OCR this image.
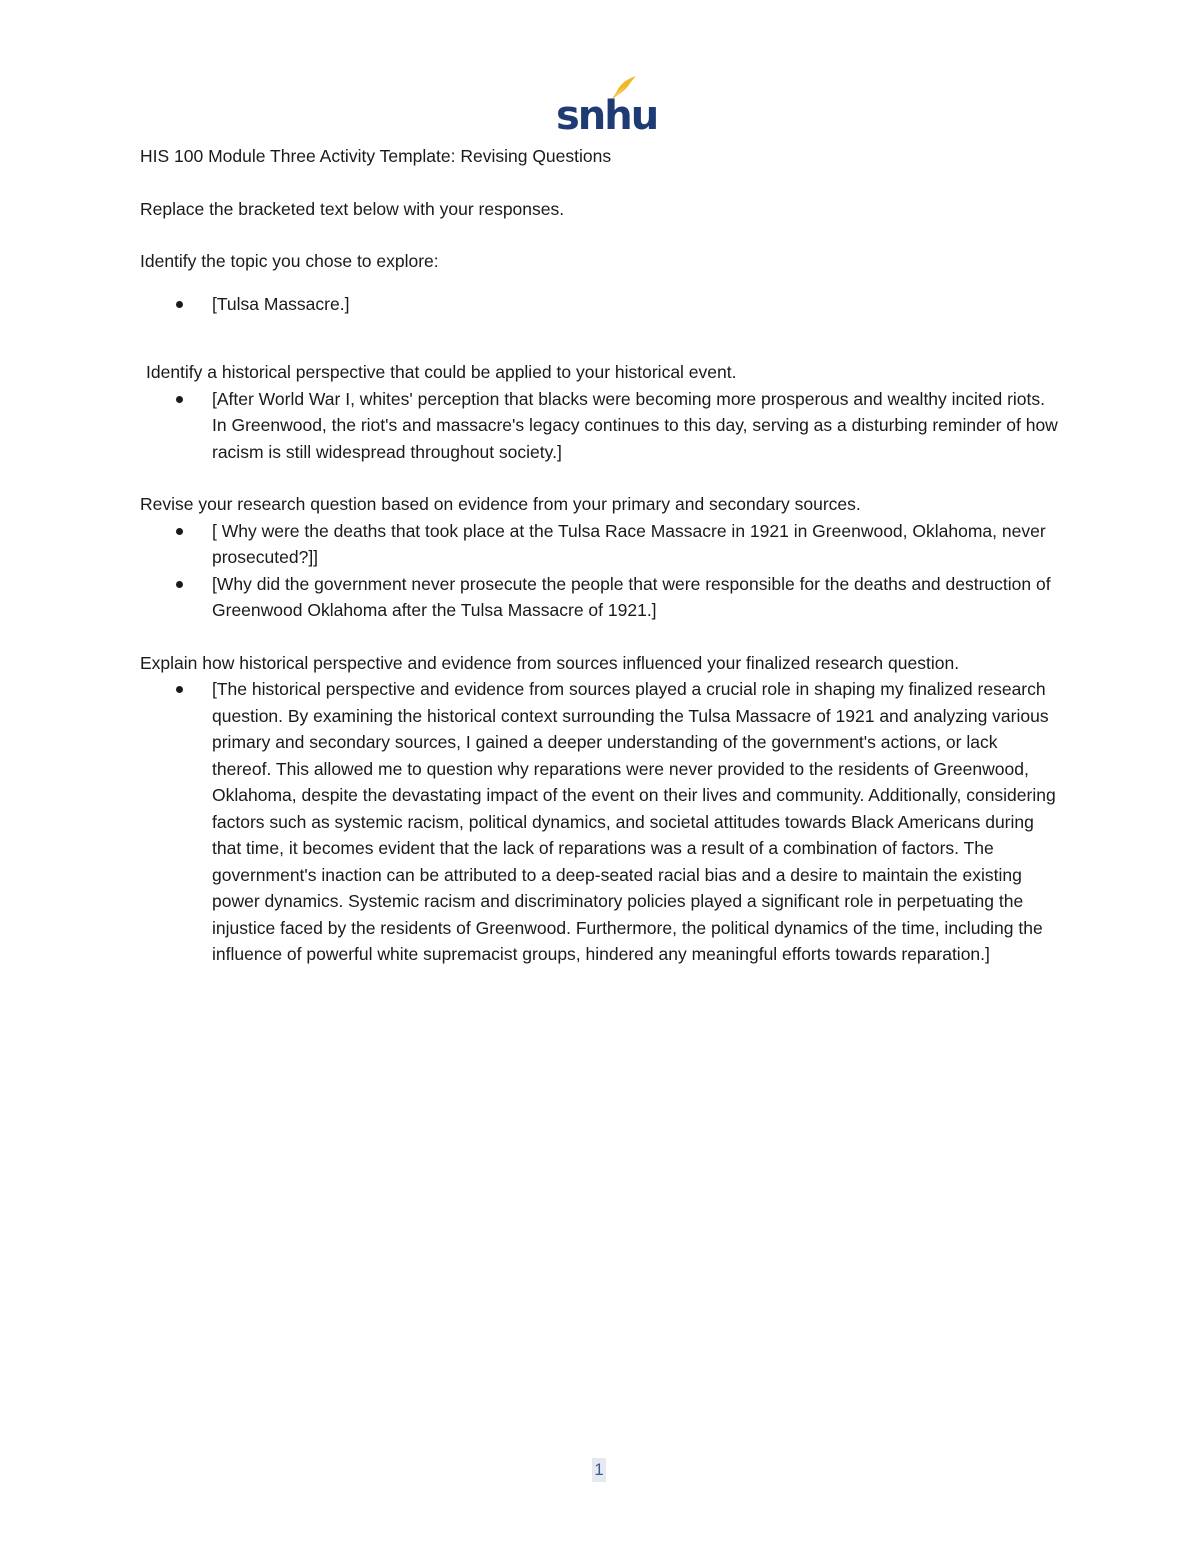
snhu

HIS 100 Module Three Activity Template: Revising Questions

Replace the bracketed text below with your responses.

Identify the topic you chose to explore:

[Tulsa Massacre.]

Identify a historical perspective that could be applied to your historical event.

[After World War I, whites' perception that blacks were becoming more prosperous and wealthy incited riots. In Greenwood, the riot's and massacre's legacy continues to this day, serving as a disturbing reminder of how racism is still widespread throughout society.]

Revise your research question based on evidence from your primary and secondary sources.

[ Why were the deaths that took place at the Tulsa Race Massacre in 1921 in Greenwood, Oklahoma, never prosecuted?]]
[Why did the government never prosecute the people that were responsible for the deaths and destruction of Greenwood Oklahoma after the Tulsa Massacre of 1921.]

Explain how historical perspective and evidence from sources influenced your finalized research question.

[The historical perspective and evidence from sources played a crucial role in shaping my finalized research question. By examining the historical context surrounding the Tulsa Massacre of 1921 and analyzing various primary and secondary sources, I gained a deeper understanding of the government's actions, or lack thereof. This allowed me to question why reparations were never provided to the residents of Greenwood, Oklahoma, despite the devastating impact of the event on their lives and community. Additionally, considering factors such as systemic racism, political dynamics, and societal attitudes towards Black Americans during that time, it becomes evident that the lack of reparations was a result of a combination of factors. The government's inaction can be attributed to a deep-seated racial bias and a desire to maintain the existing power dynamics. Systemic racism and discriminatory policies played a significant role in perpetuating the injustice faced by the residents of Greenwood. Furthermore, the political dynamics of the time, including the influence of powerful white supremacist groups, hindered any meaningful efforts towards reparation.]
1
